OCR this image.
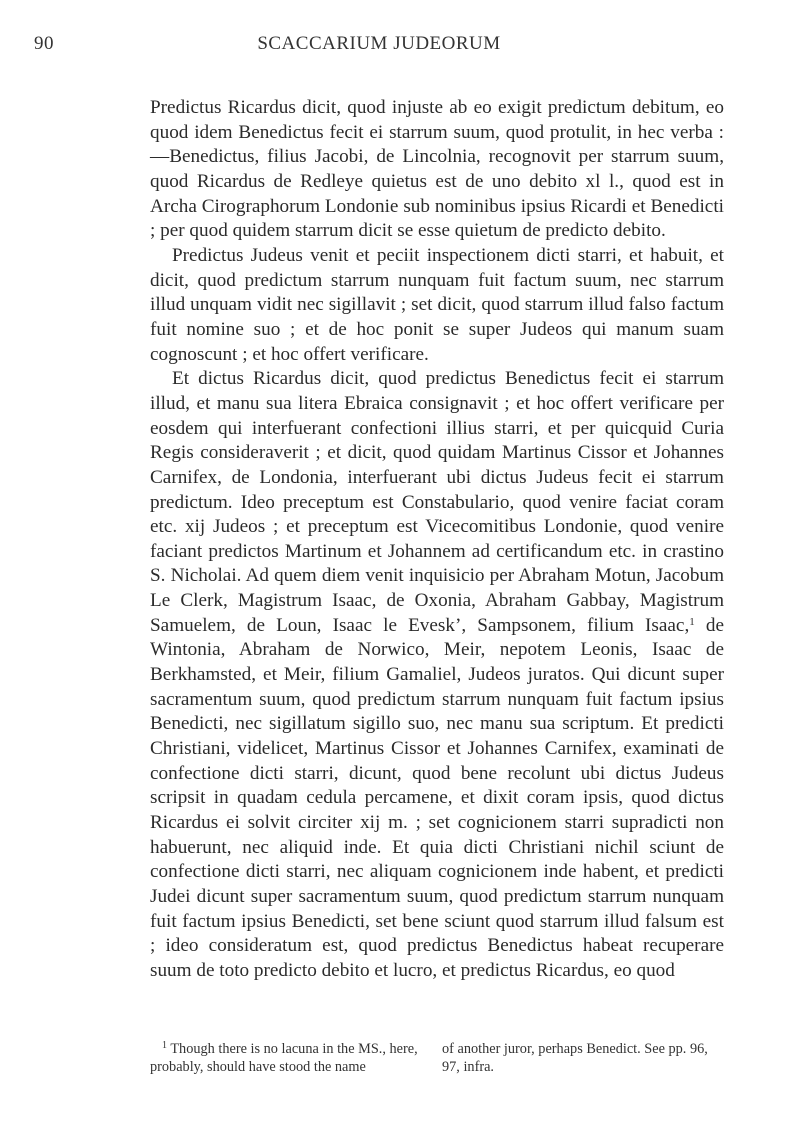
90	SCACCARIUM JUDEORUM

Predictus Ricardus dicit, quod injuste ab eo exigit predictum debitum, eo quod idem Benedictus fecit ei starrum suum, quod protulit, in hec verba :—Benedictus, filius Jacobi, de Lincolnia, recognovit per starrum suum, quod Ricardus de Redleye quietus est de uno debito xl l., quod est in Archa Cirographorum Londonie sub nominibus ipsius Ricardi et Benedicti ; per quod quidem starrum dicit se esse quietum de predicto debito.

Predictus Judeus venit et peciit inspectionem dicti starri, et habuit, et dicit, quod predictum starrum nunquam fuit factum suum, nec starrum illud unquam vidit nec sigillavit ; set dicit, quod starrum illud falso factum fuit nomine suo ; et de hoc ponit se super Judeos qui manum suam cognoscunt ; et hoc offert verificare.

Et dictus Ricardus dicit, quod predictus Benedictus fecit ei starrum illud, et manu sua litera Ebraica consignavit ; et hoc offert verificare per eosdem qui interfuerant confectioni illius starri, et per quicquid Curia Regis consideraverit ; et dicit, quod quidam Martinus Cissor et Johannes Carnifex, de Londonia, interfuerant ubi dictus Judeus fecit ei starrum predictum. Ideo preceptum est Constabulario, quod venire faciat coram etc. xij Judeos ; et preceptum est Vicecomitibus Londonie, quod venire faciant predictos Martinum et Johannem ad certificandum etc. in crastino S. Nicholai. Ad quem diem venit inquisicio per Abraham Motun, Jacobum Le Clerk, Magistrum Isaac, de Oxonia, Abraham Gabbay, Magistrum Samuelem, de Loun, Isaac le Evesk’, Sampsonem, filium Isaac,$^1$ de Wintonia, Abraham de Norwico, Meir, nepotem Leonis, Isaac de Berkhamsted, et Meir, filium Gamaliel, Judeos juratos. Qui dicunt super sacramentum suum, quod predictum starrum nunquam fuit factum ipsius Benedicti, nec sigillatum sigillo suo, nec manu sua scriptum. Et predicti Christiani, videlicet, Martinus Cissor et Johannes Carnifex, examinati de confectione dicti starri, dicunt, quod bene recolunt ubi dictus Judeus scripsit in quadam cedula percamene, et dixit coram ipsis, quod dictus Ricardus ei solvit circiter xij m. ; set cognicionem starri supradicti non habuerunt, nec aliquid inde. Et quia dicti Christiani nichil sciunt de confectione dicti starri, nec aliquam cognicionem inde habent, et predicti Judei dicunt super sacramentum suum, quod predictum starrum nunquam fuit factum ipsius Benedicti, set bene sciunt quod starrum illud falsum est ; ideo consideratum est, quod predictus Benedictus habeat recuperare suum de toto predicto debito et lucro, et predictus Ricardus, eo quod

$^1$ Though there is no lacuna in the MS., here, probably, should have stood the nameof another juror, perhaps Benedict. See pp. 96, 97, infra.
